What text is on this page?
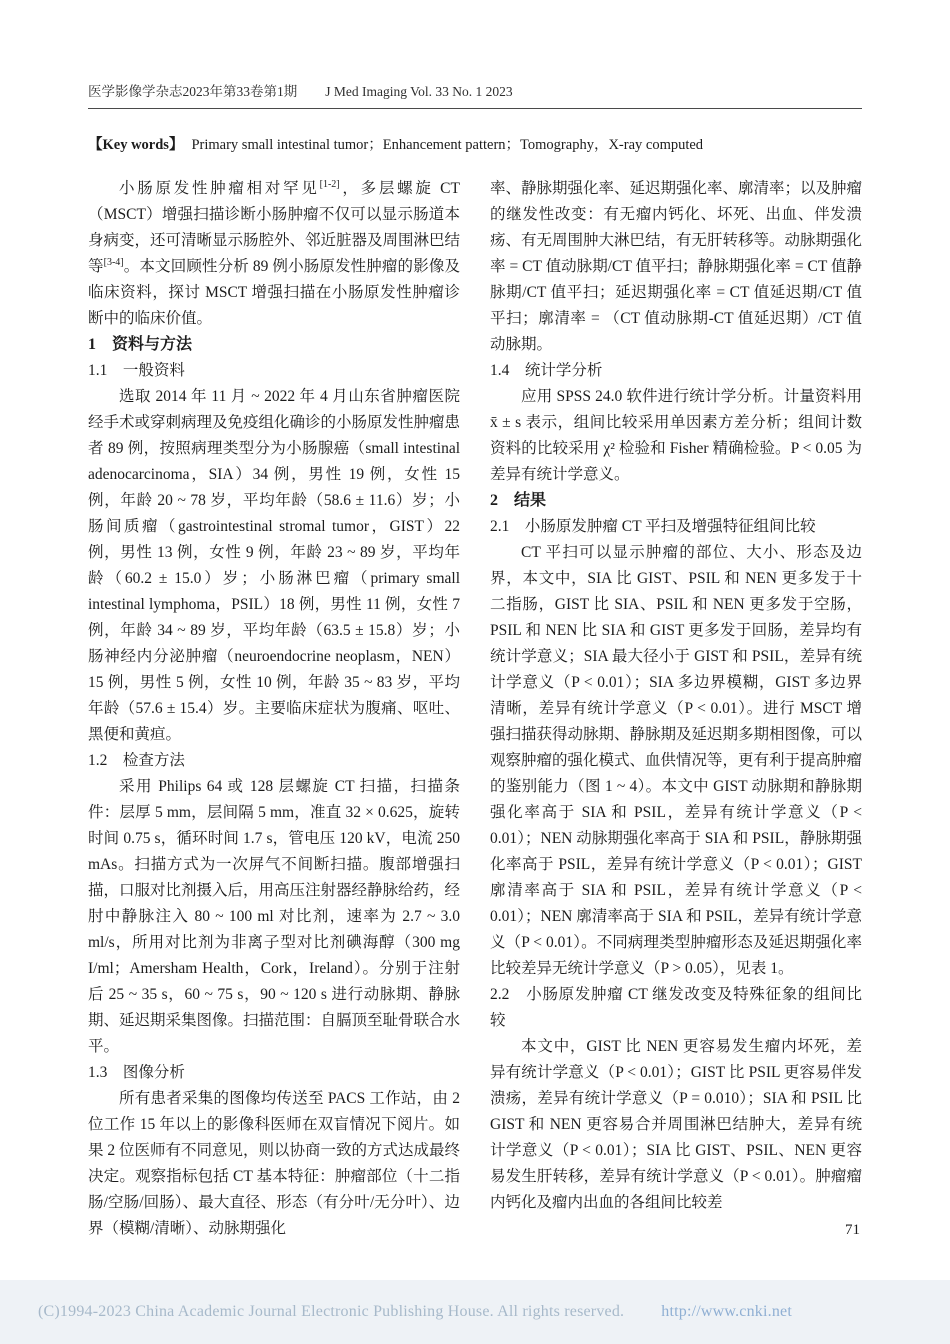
医学影像学杂志2023年第33卷第1期 J Med Imaging Vol. 33 No. 1 2023

【Key words】 Primary small intestinal tumor；Enhancement pattern；Tomography，X-ray computed

小肠原发性肿瘤相对罕见[1-2]，多层螺旋 CT（MSCT）增强扫描诊断小肠肿瘤不仅可以显示肠道本身病变，还可清晰显示肠腔外、邻近脏器及周围淋巴结等[3-4]。本文回顾性分析 89 例小肠原发性肿瘤的影像及临床资料，探讨 MSCT 增强扫描在小肠原发性肿瘤诊断中的临床价值。

1　资料与方法
1.1　一般资料

选取 2014 年 11 月 ~ 2022 年 4 月山东省肿瘤医院经手术或穿刺病理及免疫组化确诊的小肠原发性肿瘤患者 89 例，按照病理类型分为小肠腺癌（small intestinal adenocarcinoma，SIA）34 例，男性 19 例，女性 15 例，年龄 20 ~ 78 岁，平均年龄（58.6 ± 11.6）岁；小肠间质瘤（gastrointestinal stromal tumor，GIST）22 例，男性 13 例，女性 9 例，年龄 23 ~ 89 岁，平均年龄（60.2 ± 15.0）岁；小肠淋巴瘤（primary small intestinal lymphoma，PSIL）18 例，男性 11 例，女性 7 例，年龄 34 ~ 89 岁，平均年龄（63.5 ± 15.8）岁；小肠神经内分泌肿瘤（neuroendocrine neoplasm，NEN）15 例，男性 5 例，女性 10 例，年龄 35 ~ 83 岁，平均年龄（57.6 ± 15.4）岁。主要临床症状为腹痛、呕吐、黑便和黄疸。

1.2　检查方法

采用 Philips 64 或 128 层螺旋 CT 扫描，扫描条件：层厚 5 mm，层间隔 5 mm，准直 32 × 0.625，旋转时间 0.75 s，循环时间 1.7 s，管电压 120 kV，电流 250 mAs。扫描方式为一次屏气不间断扫描。腹部增强扫描，口服对比剂摄入后，用高压注射器经静脉给药，经肘中静脉注入 80 ~ 100 ml 对比剂，速率为 2.7 ~ 3.0 ml/s，所用对比剂为非离子型对比剂碘海醇（300 mg I/ml；Amersham Health，Cork，Ireland）。分别于注射后 25 ~ 35 s，60 ~ 75 s，90 ~ 120 s 进行动脉期、静脉期、延迟期采集图像。扫描范围：自膈顶至耻骨联合水平。

1.3　图像分析

所有患者采集的图像均传送至 PACS 工作站，由 2 位工作 15 年以上的影像科医师在双盲情况下阅片。如果 2 位医师有不同意见，则以协商一致的方式达成最终决定。观察指标包括 CT 基本特征：肿瘤部位（十二指肠/空肠/回肠）、最大直径、形态（有分叶/无分叶）、边界（模糊/清晰）、动脉期强化

率、静脉期强化率、延迟期强化率、廓清率；以及肿瘤的继发性改变：有无瘤内钙化、坏死、出血、伴发溃疡、有无周围肿大淋巴结，有无肝转移等。动脉期强化率 = CT 值动脉期/CT 值平扫；静脉期强化率 = CT 值静脉期/CT 值平扫；延迟期强化率 = CT 值延迟期/CT 值平扫；廓清率 = （CT 值动脉期-CT 值延迟期）/CT 值动脉期。

1.4　统计学分析

应用 SPSS 24.0 软件进行统计学分析。计量资料用 x̄ ± s 表示，组间比较采用单因素方差分析；组间计数资料的比较采用 χ² 检验和 Fisher 精确检验。P < 0.05 为差异有统计学意义。

2　结果
2.1　小肠原发肿瘤 CT 平扫及增强特征组间比较

CT 平扫可以显示肿瘤的部位、大小、形态及边界，本文中，SIA 比 GIST、PSIL 和 NEN 更多发于十二指肠，GIST 比 SIA、PSIL 和 NEN 更多发于空肠，PSIL 和 NEN 比 SIA 和 GIST 更多发于回肠，差异均有统计学意义；SIA 最大径小于 GIST 和 PSIL，差异有统计学意义（P < 0.01）；SIA 多边界模糊，GIST 多边界清晰，差异有统计学意义（P < 0.01）。进行 MSCT 增强扫描获得动脉期、静脉期及延迟期多期相图像，可以观察肿瘤的强化模式、血供情况等，更有利于提高肿瘤的鉴别能力（图 1 ~ 4）。本文中 GIST 动脉期和静脉期强化率高于 SIA 和 PSIL，差异有统计学意义（P < 0.01）；NEN 动脉期强化率高于 SIA 和 PSIL，静脉期强化率高于 PSIL，差异有统计学意义（P < 0.01）；GIST 廓清率高于 SIA 和 PSIL，差异有统计学意义（P < 0.01）；NEN 廓清率高于 SIA 和 PSIL，差异有统计学意义（P < 0.01）。不同病理类型肿瘤形态及延迟期强化率比较差异无统计学意义（P > 0.05），见表 1。

2.2　小肠原发肿瘤 CT 继发改变及特殊征象的组间比较

本文中，GIST 比 NEN 更容易发生瘤内坏死，差异有统计学意义（P < 0.01）；GIST 比 PSIL 更容易伴发溃疡，差异有统计学意义（P = 0.010）；SIA 和 PSIL 比 GIST 和 NEN 更容易合并周围淋巴结肿大，差异有统计学意义（P < 0.01）；SIA 比 GIST、PSIL、NEN 更容易发生肝转移，差异有统计学意义（P < 0.01）。肿瘤瘤内钙化及瘤内出血的各组间比较差

71
(C)1994-2023 China Academic Journal Electronic Publishing House. All rights reserved. http://www.cnki.net
